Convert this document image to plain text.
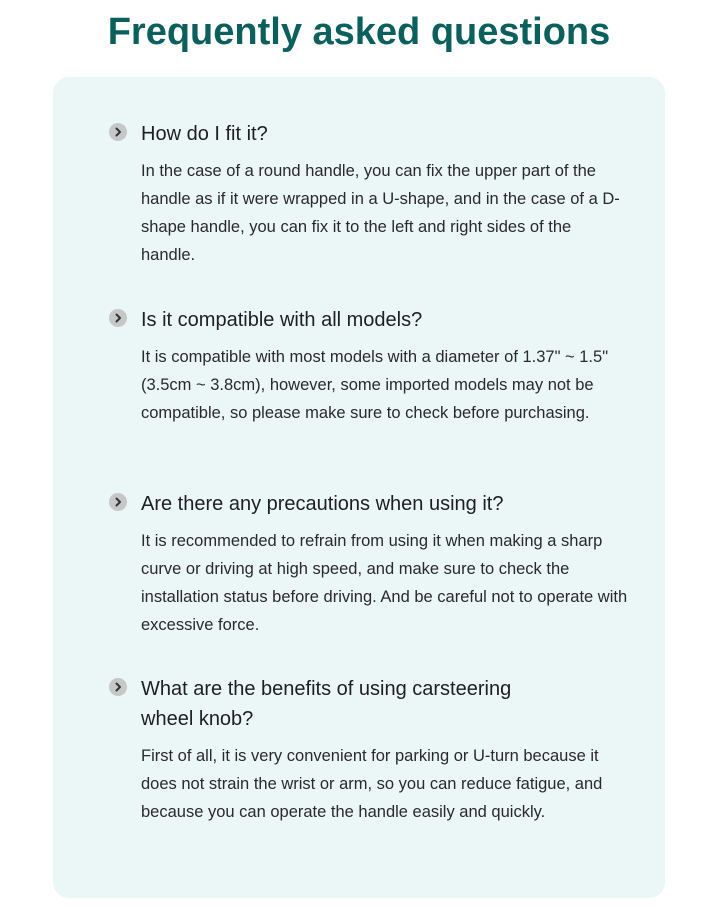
Frequently asked questions

How do I fit it?

In the case of a round handle, you can fix the upper part of the handle as if it were wrapped in a U-shape, and in the case of a D-shape handle, you can fix it to the left and right sides of the handle.

Is it compatible with all models?

It is compatible with most models with a diameter of 1.37" ~ 1.5" (3.5cm ~ 3.8cm), however, some imported models may not be compatible, so please make sure to check before purchasing.

Are there any precautions when using it?

It is recommended to refrain from using it when making a sharp curve or driving at high speed, and make sure to check the installation status before driving. And be careful not to operate with excessive force.

What are the benefits of using carsteering wheel knob?

First of all, it is very convenient for parking or U-turn because it does not strain the wrist or arm, so you can reduce fatigue, and because you can operate the handle easily and quickly.
